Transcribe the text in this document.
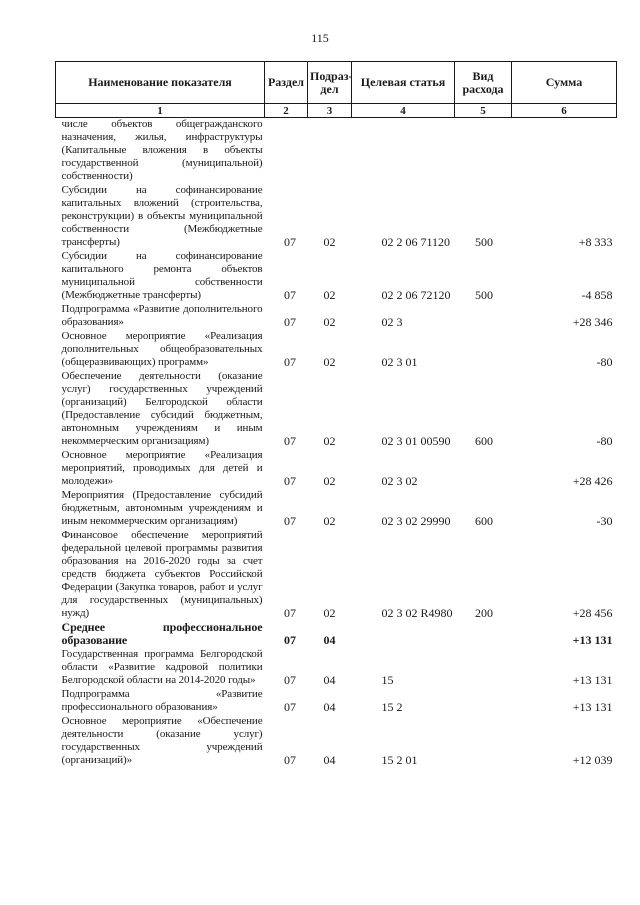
115
Наименование показателя	Раздел	Подраз-дел	Целевая статья	Вид расхода	Сумма
1	2	3	4	5	6
числе объектов общегражданского назначения, жилья, инфраструктуры (Капитальные вложения в объекты государственной (муниципальной) собственности)					
Субсидии на софинансирование капитальных вложений (строительства, реконструкции) в объекты муниципальной собственности (Межбюджетные трансферты)	07	02	02 2 06 71120	500	+8 333
Субсидии на софинансирование капитального ремонта объектов муниципальной собственности (Межбюджетные трансферты)	07	02	02 2 06 72120	500	-4 858
Подпрограмма «Развитие дополнительного образования»	07	02	02 3		+28 346
Основное мероприятие «Реализация дополнительных общеобразовательных (общеразвивающих) программ»	07	02	02 3 01		-80
Обеспечение деятельности (оказание услуг) государственных учреждений (организаций) Белгородской области (Предоставление субсидий бюджетным, автономным учреждениям и иным некоммерческим организациям)	07	02	02 3 01 00590	600	-80
Основное мероприятие «Реализация мероприятий, проводимых для детей и молодежи»	07	02	02 3 02		+28 426
Мероприятия (Предоставление субсидий бюджетным, автономным учреждениям и иным некоммерческим организациям)	07	02	02 3 02 29990	600	-30
Финансовое обеспечение мероприятий федеральной целевой программы развития образования на 2016-2020 годы за счет средств бюджета субъектов Российской Федерации (Закупка товаров, работ и услуг для государственных (муниципальных) нужд)	07	02	02 3 02 R4980	200	+28 456
Среднее профессиональное образование	07	04			+13 131
Государственная программа Белгородской области «Развитие кадровой политики Белгородской области на 2014-2020 годы»	07	04	15		+13 131
Подпрограмма «Развитие профессионального образования»	07	04	15 2		+13 131
Основное мероприятие «Обеспечение деятельности (оказание услуг) государственных учреждений (организаций)»	07	04	15 2 01		+12 039
